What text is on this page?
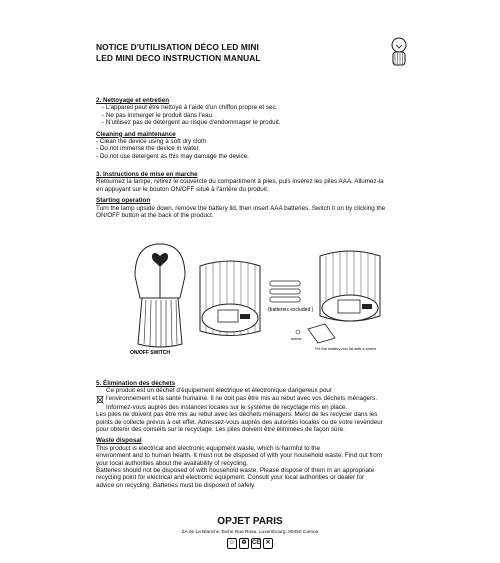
NOTICE D'UTILISATION DÉCO LED MINI
LED MINI DECO INSTRUCTION MANUAL
2. Nettoyage et entretien
- L'appareil peut être nettoyé à l'aide d'un chiffon propre et sec.
- Ne pas immerger le produit dans l'eau.
- N'utilisez pas de détergent au risque d'endommager le produit.
Cleaning and maintenance
- Clean the device using a soft dry cloth
- Do not immerse the device in water.
- Do not use detergent as this may damage the device.
3. Instructions de mise en marche
Retournez la lampe, retirez le couvercle du compartiment à piles, puis insérez les piles AAA. Allumez-la
en appuyant sur le bouton ON/OFF situé à l'arrière du produit.
Starting operation
Turn the lamp upside down, remove the battery lid, then insert AAA batteries. Switch it on by clicking the
ON/OFF button at the back of the product.
(batteries excluded )
screw
OFF ON
ON/OFF SWITCH
Fix the battery box lid with a screw
5. Élimination des déchets
Ce produit est un déchet d'équipement électrique et électronique dangereux pour
l'environnement et la santé humaine. Il ne doit pas être mis au rebut avec vos déchets ménagers.
Informez-vous auprès des instances locales sur le système de recyclage mis en place.
Les piles ne doivent pas être mis au rebut avec les déchets ménagers. Merci de les recycler dans les
points de collecte prévus à cet effet. Adressez-vous auprès des autorités locales ou de votre revendeur
pour obtenir des conseils sur le recyclage. Les piles doivent être éliminées de façon sûre.
Waste disposal
This product is electrical and electronic equipment waste, which is harmful to the
environment and to human health. It must not be disposed of with your household waste. Find out from
your local authorities about the availability of recycling.
Batteries should not be disposed of with household waste. Please dispose of them in an appropriate
recycling point for electrical and electronic equipment. Consult your local authorities or dealer for
advice on recycling. Batteries must be disposed of safely.
OPJET PARIS
ZA de La Blanche Tache Rue Rosa, Luxembourg, 80450 Camon
☺	♻ CE ✕
